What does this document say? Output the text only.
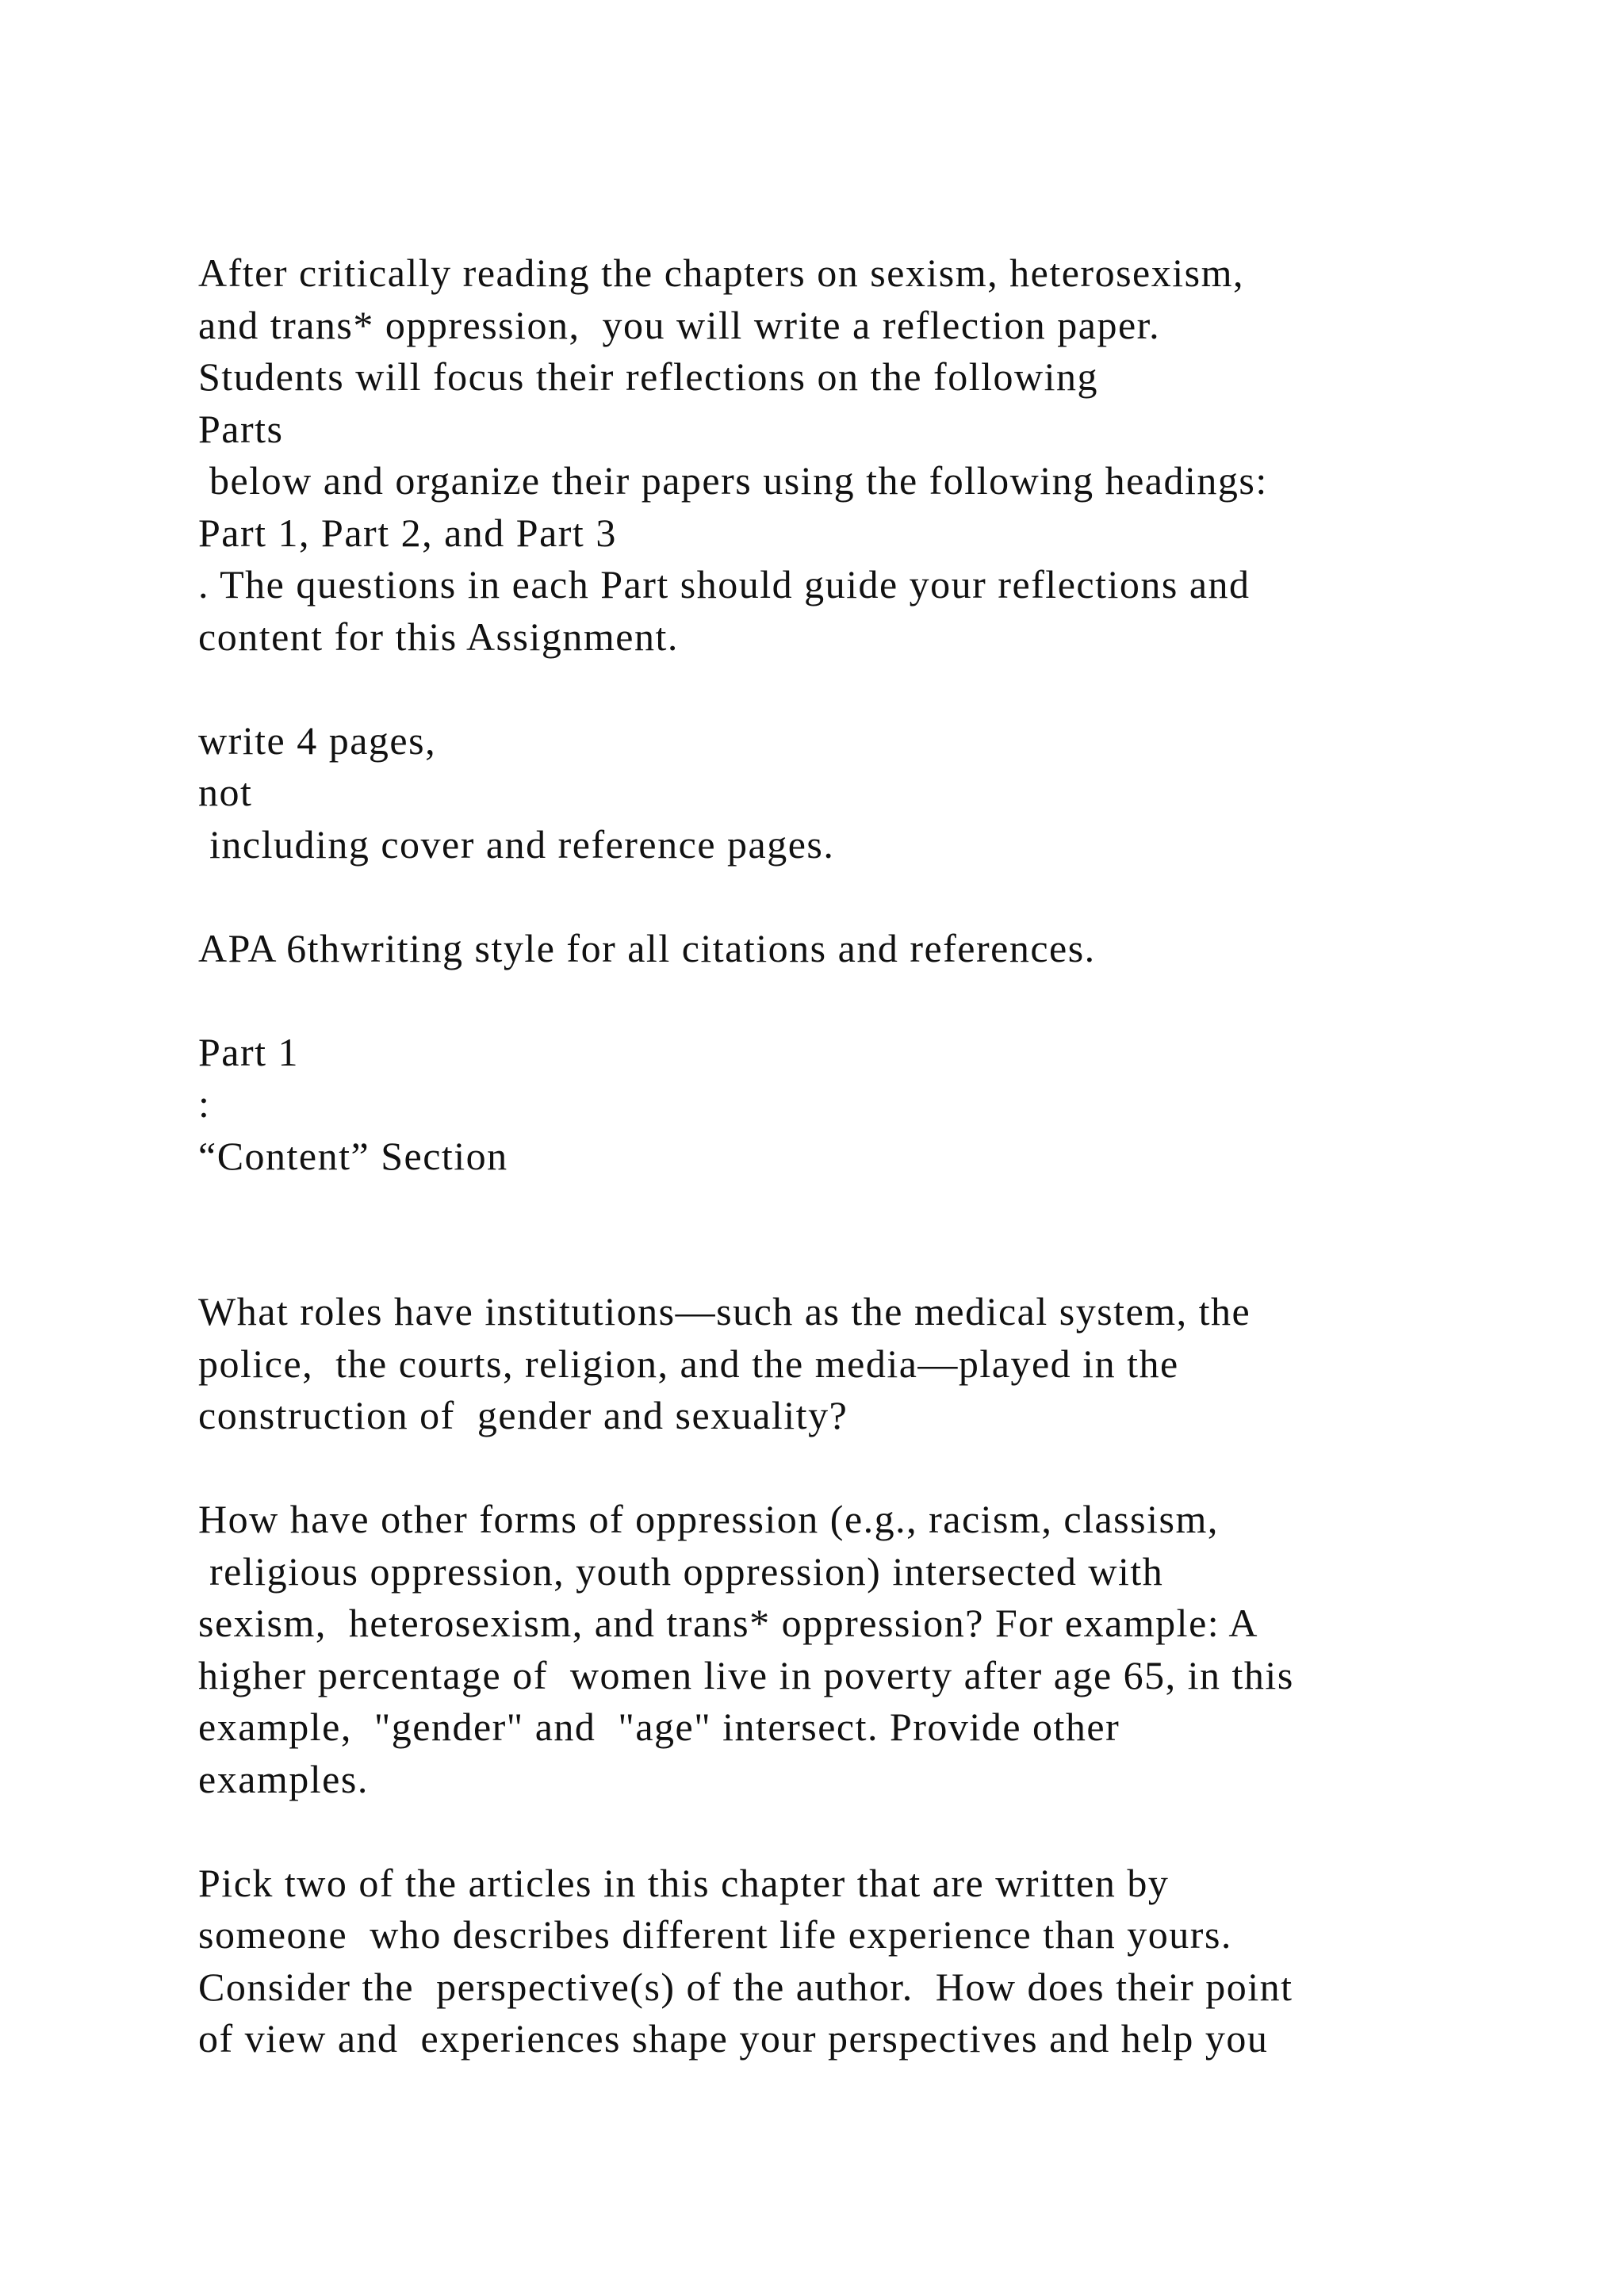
After critically reading the chapters on sexism, heterosexism,
and trans* oppression,  you will write a reflection paper.
Students will focus their reflections on the following
Parts
below and organize their papers using the following headings:
Part 1, Part 2, and Part 3
. The questions in each Part should guide your reflections and
content for this Assignment.
write 4 pages,
not
including cover and reference pages.
APA 6thwriting style for all citations and references.
Part 1
:
“Content” Section
What roles have institutions—such as the medical system, the
police,  the courts, religion, and the media—played in the
construction of  gender and sexuality?
How have other forms of oppression (e.g., racism, classism,
religious oppression, youth oppression) intersected with
sexism,  heterosexism, and trans* oppression? For example: A
higher percentage of  women live in poverty after age 65, in this
example,  "gender" and  "age" intersect. Provide other
examples.
Pick two of the articles in this chapter that are written by
someone  who describes different life experience than yours.
Consider the  perspective(s) of the author.  How does their point
of view and  experiences shape your perspectives and help you
